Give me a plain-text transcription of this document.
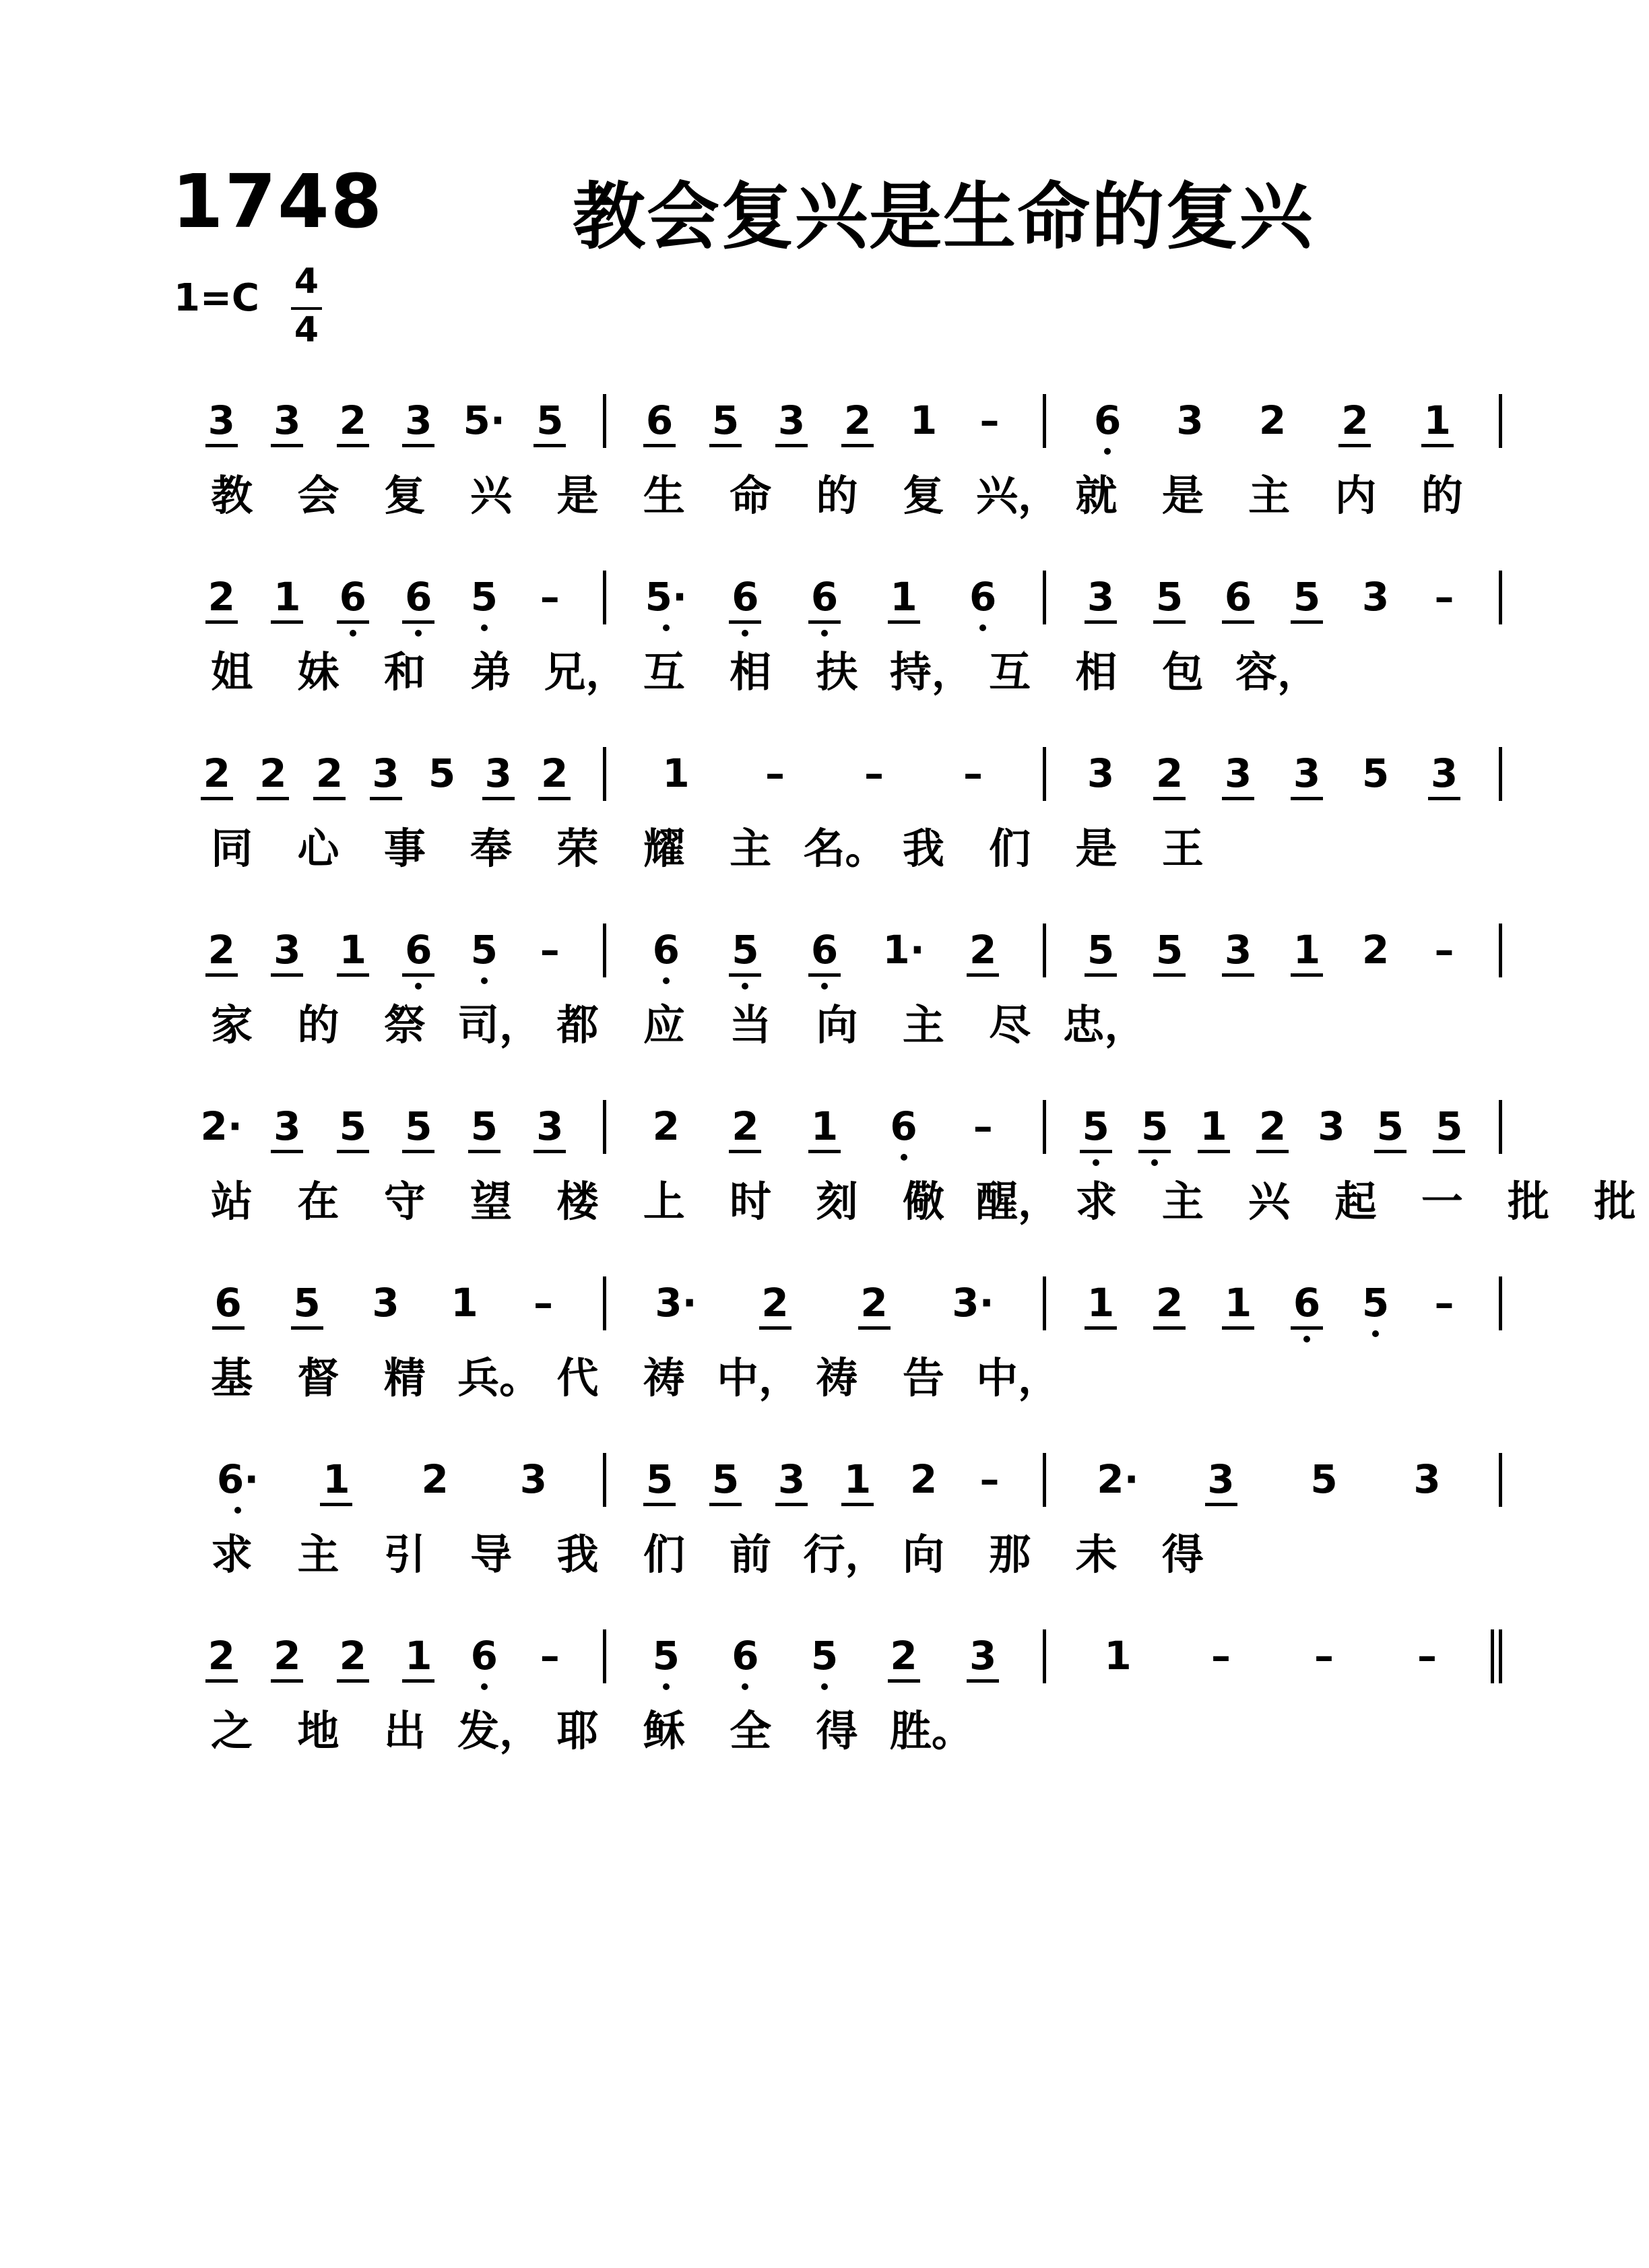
1748	教会复兴是生命的复兴
1=C 4
4
3 3 2 3 5· 5 6 5 3 2 1 – 6 3 2 2 1
教	会	复	兴	是	生	命	的	复 兴， 就	是	主	内	的
2 1 6 6 5 – 5· 6 6 1 6 3 5 6 5 3 –
姐	妹	和	弟 兄， 互	相	扶 持， 互	相	包 容，
2 2 2 3 5 3 2 1 – – –	3 2 3 3 5 3
同	心	事	奉	荣	耀	主 名。 我	们	是	王
2 3 1 6 5 – 6 5 6 1· 2 5 5 3 1 2 –
家	的	祭 司， 都	应	当	向	主	尽 忠，
2· 3 5 5 5 3 2 2 1 6 – 5 5 1 2 3 5 5
站	在	守	望	楼	上	时	刻	儆 醒， 求	主	兴	起	一	批	批
6 5 3 1 –	3· 2 2 3· 1 2 1 6 5 –
基	督	精 兵。 代	祷 中， 祷	告 中，
6· 1 2 3	5 5 3 1 2 – 2· 3 5 3
求	主	引	导	我	们	前 行， 向	那	未	得
2 2 2 1 6 – 5 6 5 2 3	1 – – –
之	地	出 发， 耶	稣	全	得 胜。
